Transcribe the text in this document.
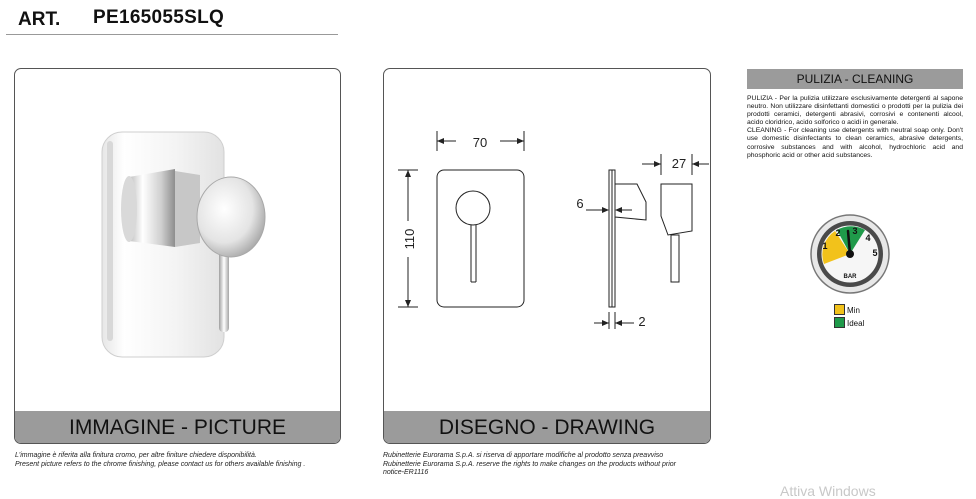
ART. PE165055SLQ
IMMAGINE - PICTURE
70
110
27
6
2
DISEGNO - DRAWING
L'immagine è riferita alla finitura cromo, per altre finiture chiedere disponibilità.
Present picture refers to the chrome finishing, please contact us for others available finishing .
Rubinetterie Eurorama S.p.A. si riserva di apportare modifiche al prodotto senza preavviso
Rubinetterie Eurorama S.p.A. reserve the rights to make changes on the products without prior
notice-ER1116
PULIZIA - CLEANING
PULIZIA - Per la pulizia utilizzare esclusivamente detergenti al sapone neutro. Non utilizzare disinfettanti domestici o prodotti per la pulizia dei prodotti ceramici, detergenti abrasivi, corrosivi e contenenti alcool, acido cloridrico, acido solforico o acidi in generale.
CLEANING - For cleaning use detergents with neutral soap only. Don't use domestic disinfectants to clean ceramics, abrasive detergents, corrosive substances and with alcohol, hydrochloric acid and phosphoric acid or other acid substances.
1
2 3
4
5
BAR
Min
Ideal
Attiva Windows
